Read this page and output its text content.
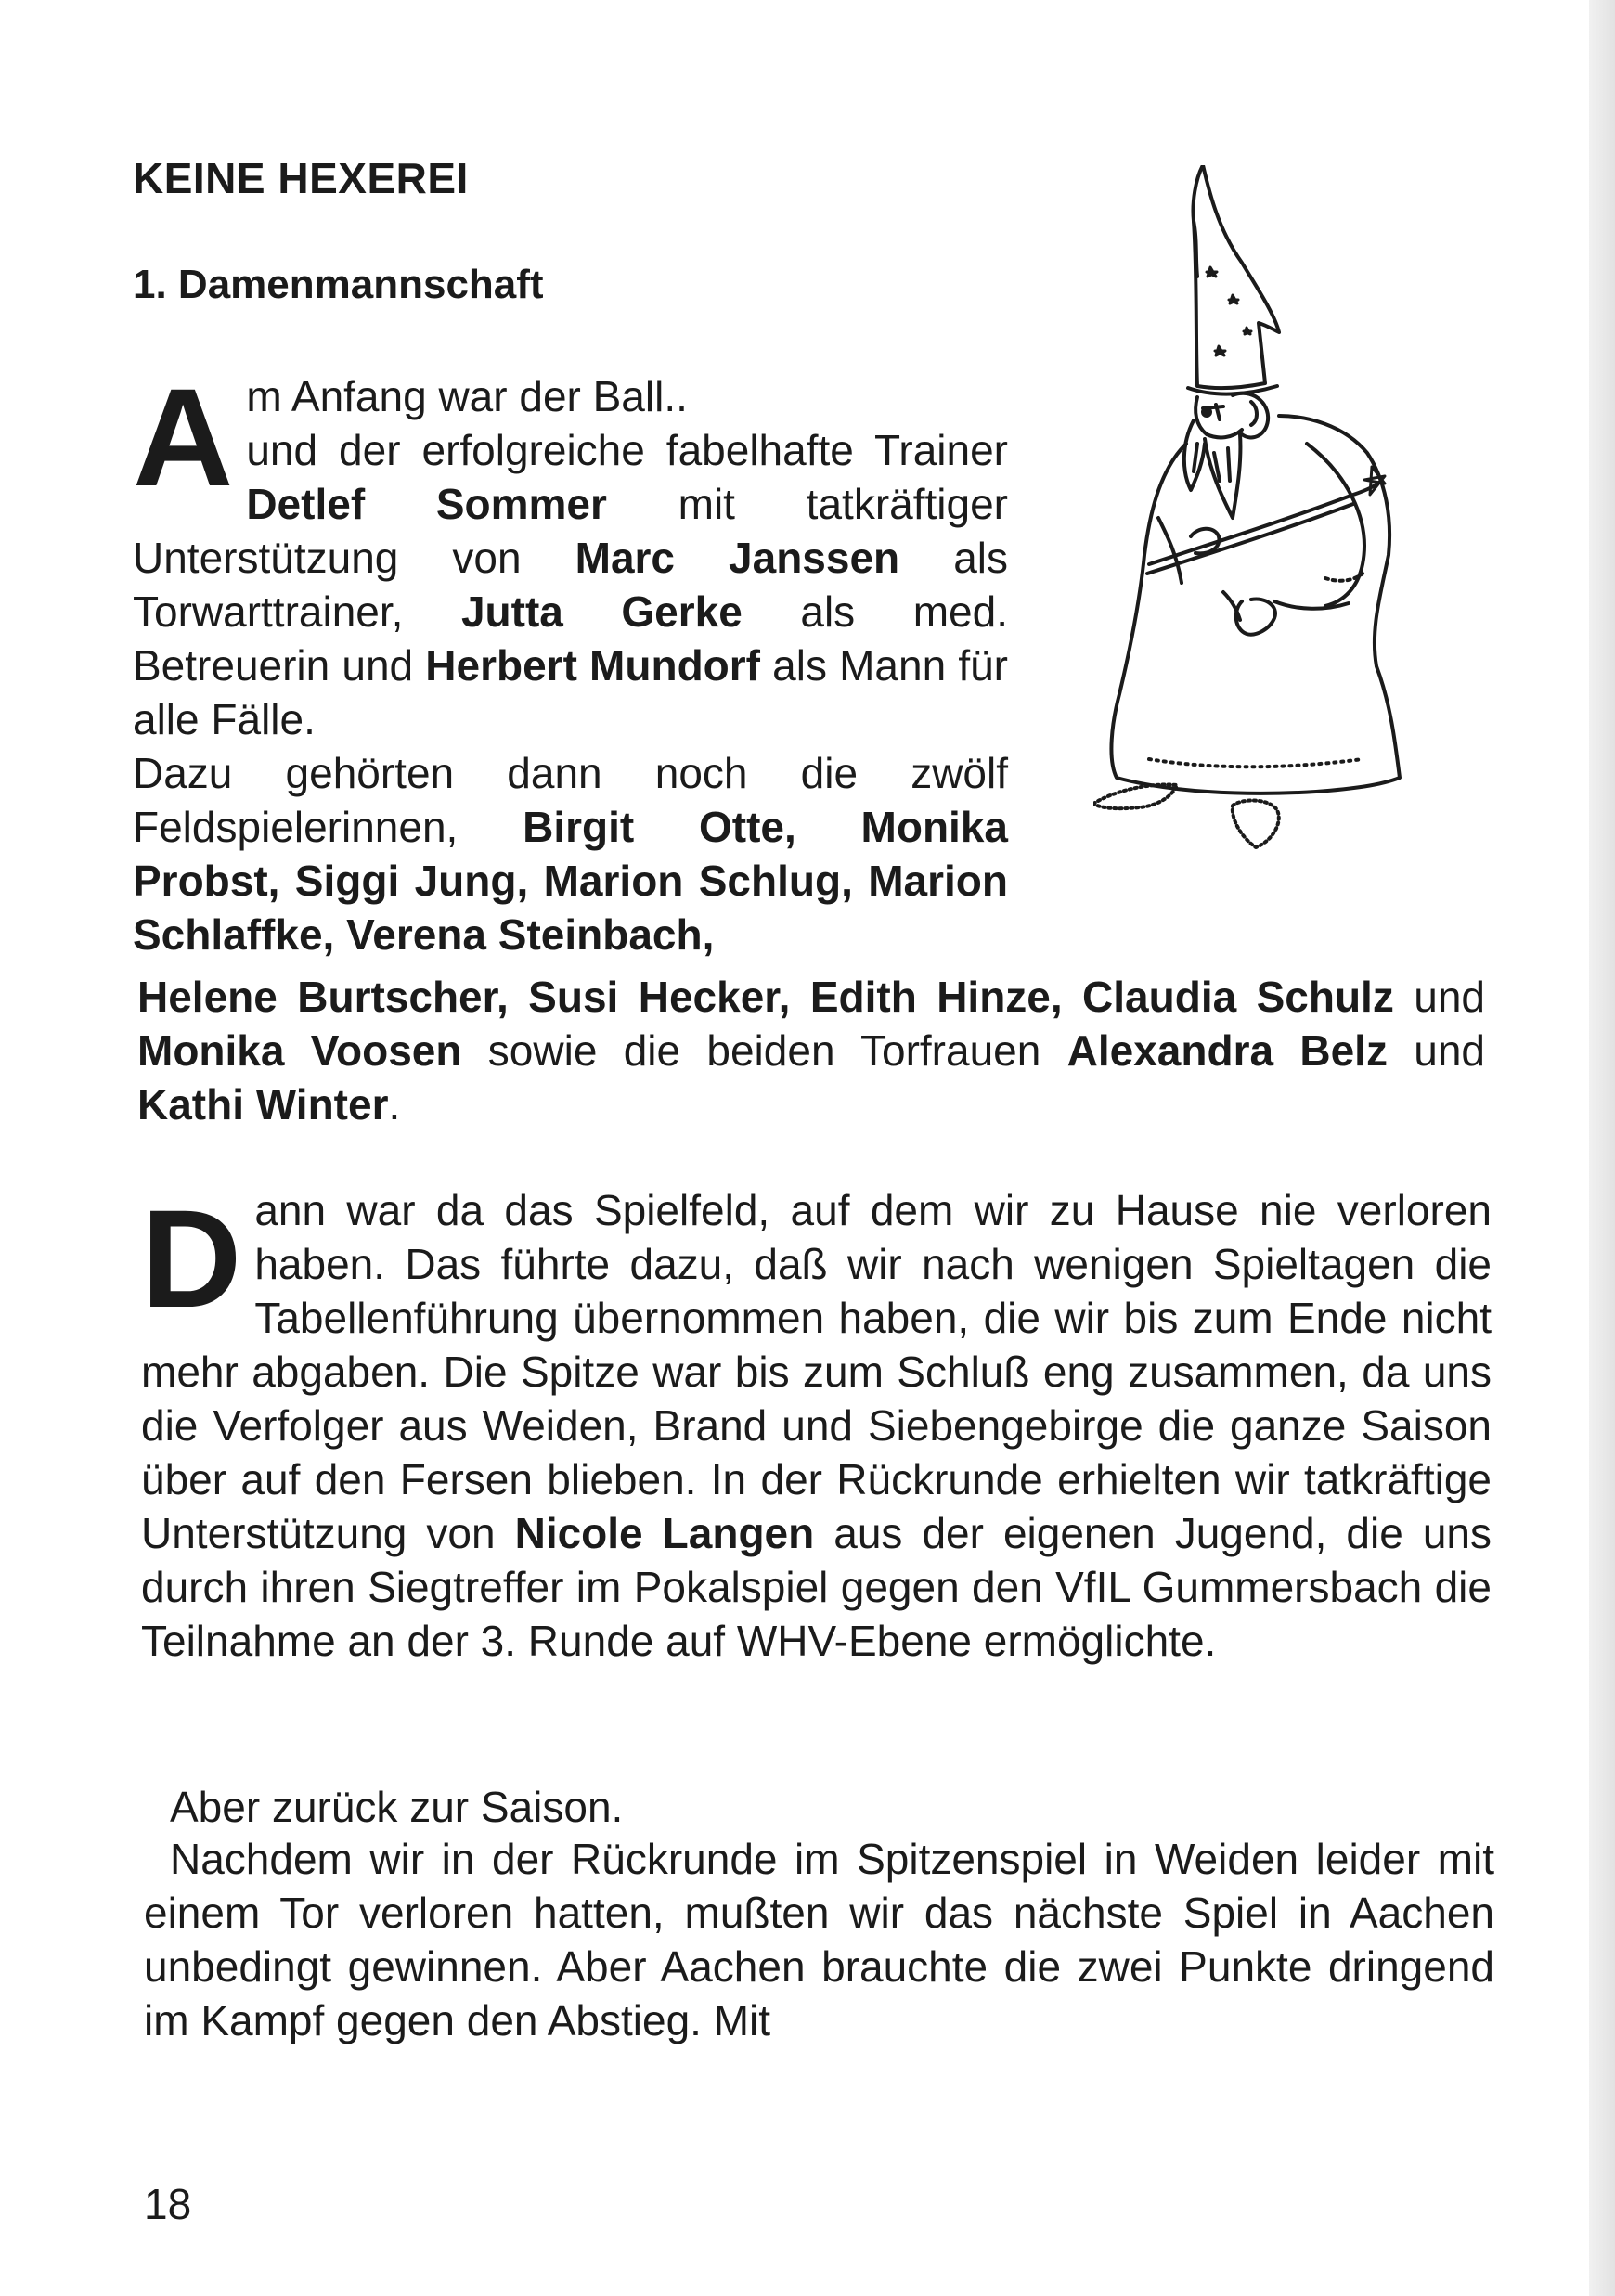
KEINE HEXEREI
1. Damenmannschaft
A m Anfang war der Ball..
und der erfolgreiche fabelhafte Trainer Detlef Sommer mit tatkräftiger Unterstützung von Marc Janssen als Torwarttrainer, Jutta Gerke als med. Betreuerin und Herbert Mundorf als Mann für alle Fälle.
Dazu gehörten dann noch die zwölf Feldspielerinnen, Birgit Otte, Monika Probst, Siggi Jung, Marion Schlug, Marion Schlaffke, Verena Steinbach,
Helene Burtscher, Susi Hecker, Edith Hinze, Claudia Schulz und Monika Voosen sowie die beiden Torfrauen Alexandra Belz und Kathi Winter.
D ann war da das Spielfeld, auf dem wir zu Hause nie verloren haben. Das führte dazu, daß wir nach wenigen Spieltagen die Tabellenführung übernommen haben, die wir bis zum Ende nicht mehr abgaben. Die Spitze war bis zum Schluß eng zusammen, da uns die Verfolger aus Weiden, Brand und Siebengebirge die ganze Saison über auf den Fersen blieben. In der Rückrunde erhielten wir tatkräftige Unterstützung von Nicole Langen aus der eigenen Jugend, die uns durch ihren Siegtreffer im Pokalspiel gegen den VfIL Gummersbach die Teilnahme an der 3. Runde auf WHV-Ebene ermöglichte.

Aber zurück zur Saison.

Nachdem wir in der Rückrunde im Spitzenspiel in Weiden leider mit einem Tor verloren hatten, mußten wir das nächste Spiel in Aachen unbedingt gewinnen. Aber Aachen brauchte die zwei Punkte dringend im Kampf gegen den Abstieg. Mit

18
